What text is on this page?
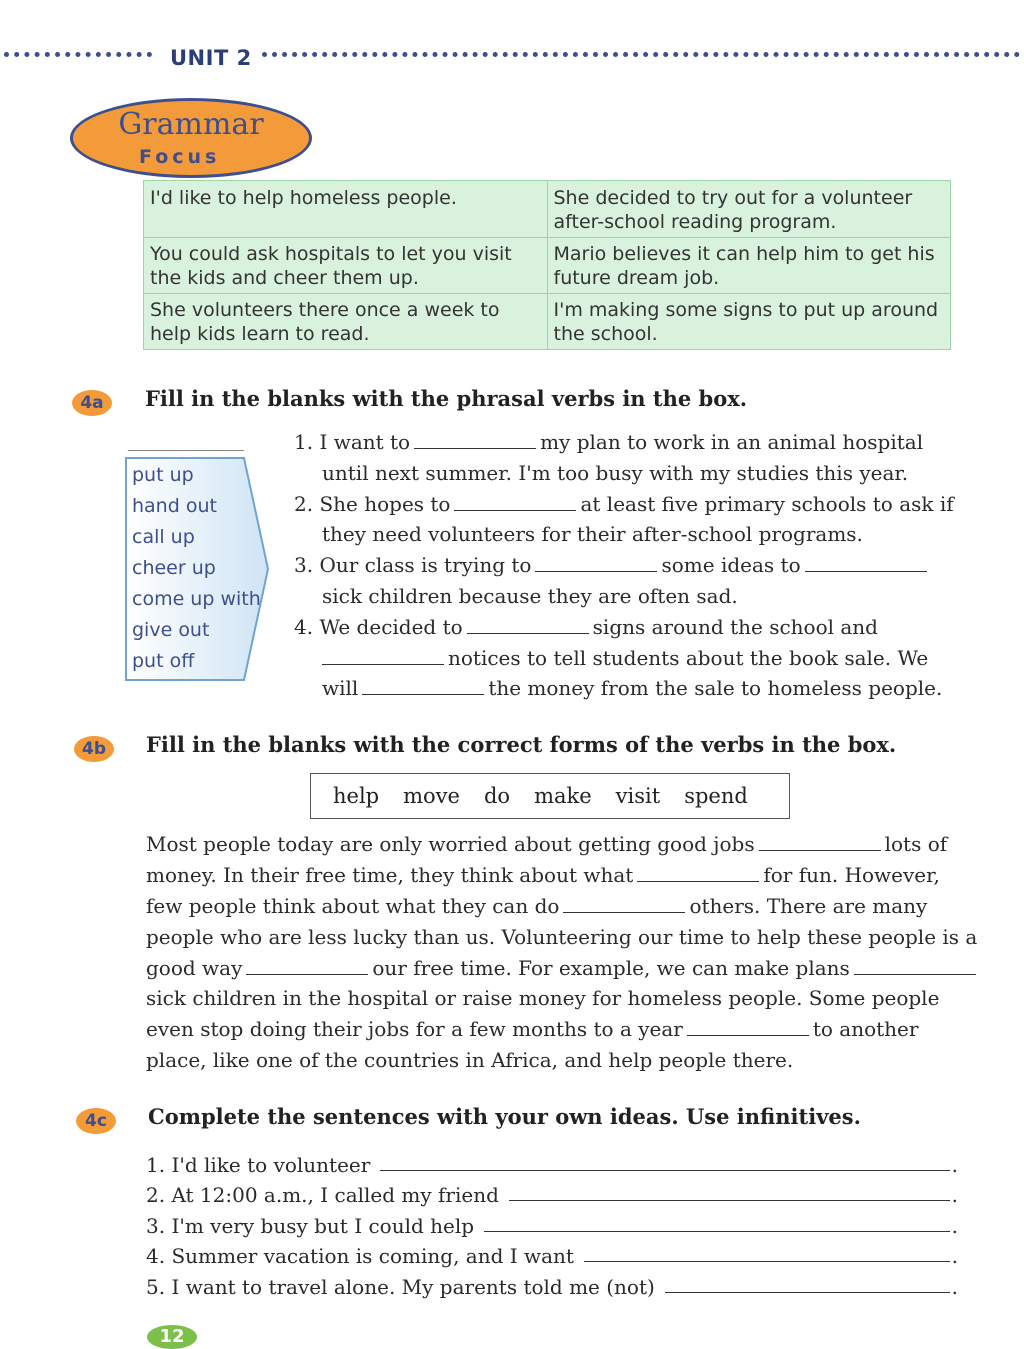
UNIT 2
Grammar
Focus
I'd like to help homeless people.	She decided to try out for a volunteer after-school reading program.
You could ask hospitals to let you visit the kids and cheer them up.	Mario believes it can help him to get his future dream job.
She volunteers there once a week to help kids learn to read.	I'm making some signs to put up around the school.
4a	Fill in the blanks with the phrasal verbs in the box.
put up
hand out
call up
cheer up
come up with
give out
put off
1. I want to	my plan to work in an animal hospital
until next summer. I'm too busy with my studies this year.
2. She hopes to	at least five primary schools to ask if
they need volunteers for their after-school programs.
3. Our class is trying to	some ideas to
sick children because they are often sad.
4. We decided to	signs around the school and
notices to tell students about the book sale. We
will	the money from the sale to homeless people.
4b	Fill in the blanks with the correct forms of the verbs in the box.
help move do make visit spend
Most people today are only worried about getting good jobs	lots of
money. In their free time, they think about what	for fun. However,
few people think about what they can do	others. There are many
people who are less lucky than us. Volunteering our time to help these people is a
good way	our free time. For example, we can make plans
sick children in the hospital or raise money for homeless people. Some people
even stop doing their jobs for a few months to a year	to another
place, like one of the countries in Africa, and help people there.
4c	Complete the sentences with your own ideas. Use infinitives.
1. I'd like to volunteer	.
2. At 12:00 a.m., I called my friend	.
3. I'm very busy but I could help	.
4. Summer vacation is coming, and I want	.
5. I want to travel alone. My parents told me (not)	.
12
